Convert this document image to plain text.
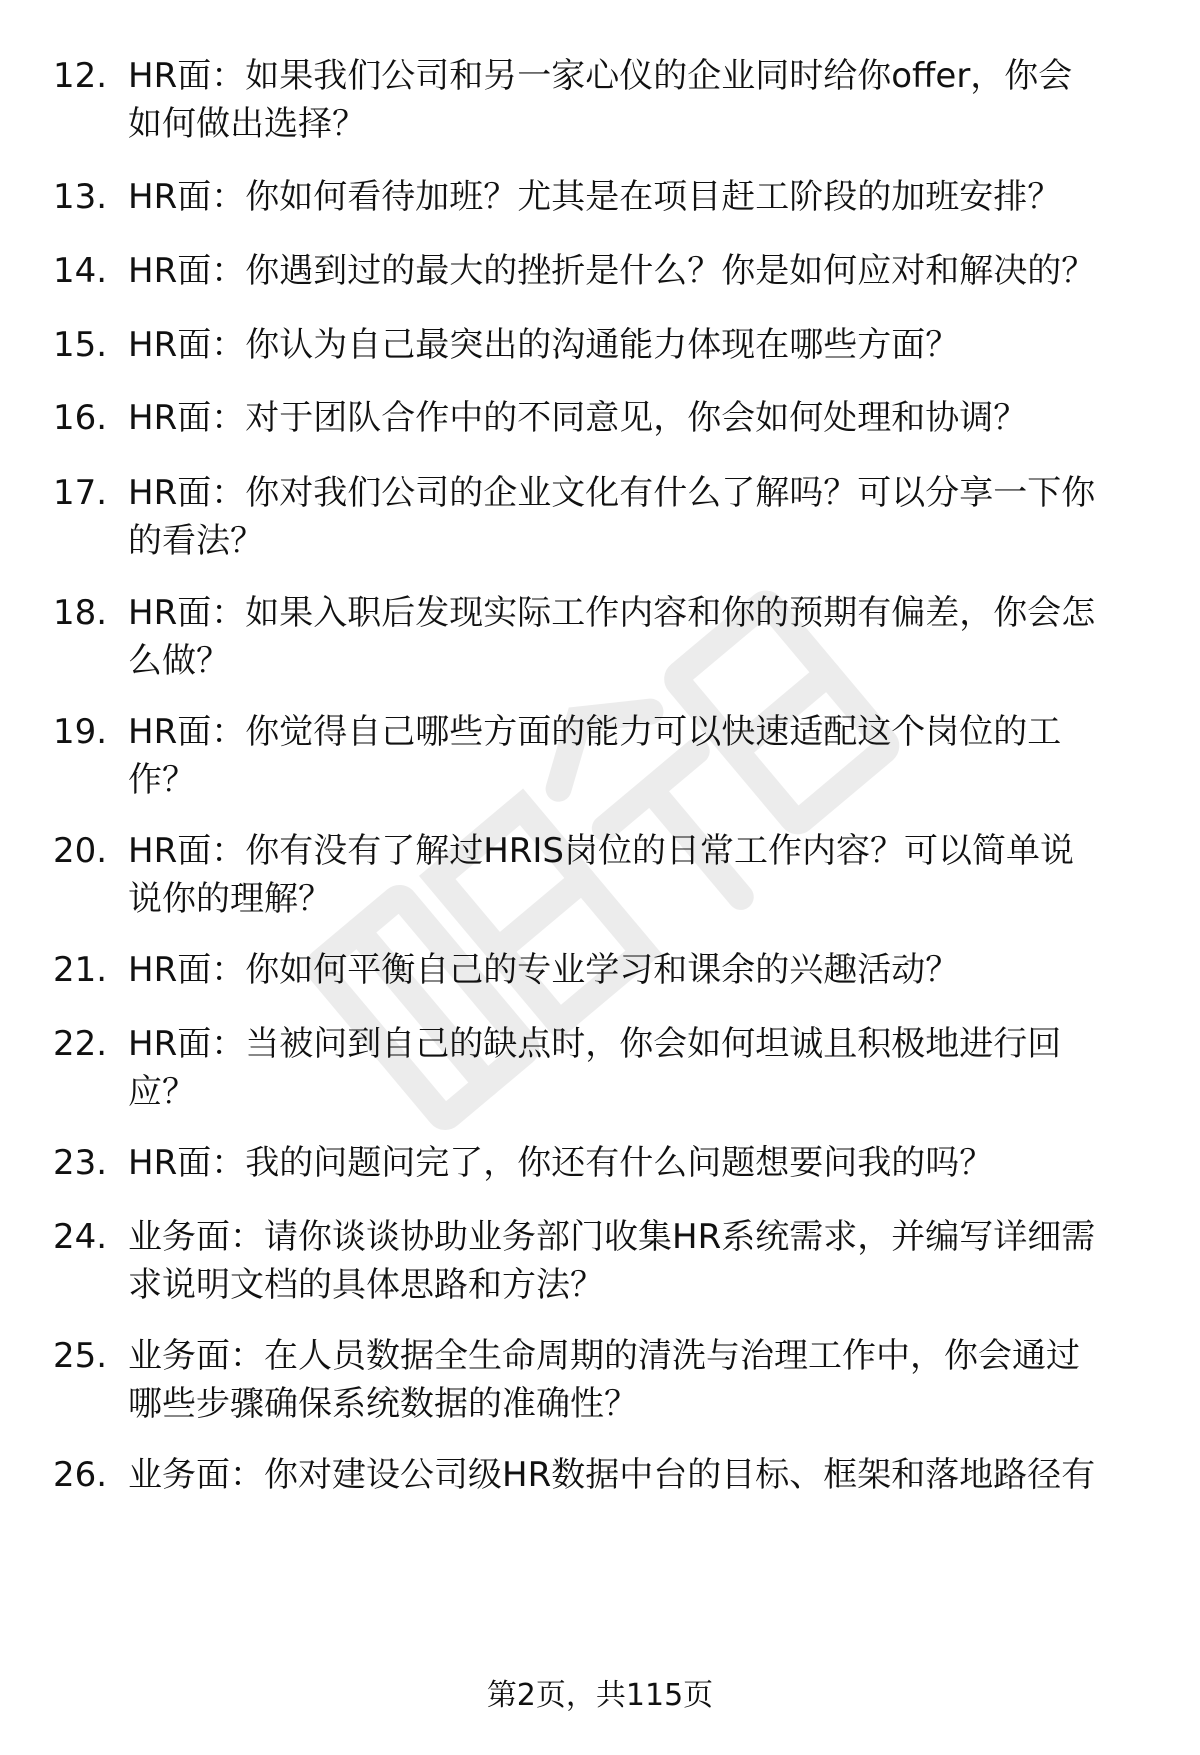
12. HR面：如果我们公司和另一家心仪的企业同时给你offer，你会
如何做出选择？
13. HR面：你如何看待加班？尤其是在项目赶工阶段的加班安排？
14. HR面：你遇到过的最大的挫折是什么？你是如何应对和解决的？
15. HR面：你认为自己最突出的沟通能力体现在哪些方面？
16. HR面：对于团队合作中的不同意见，你会如何处理和协调？
17. HR面：你对我们公司的企业文化有什么了解吗？可以分享一下你
的看法？
18. HR面：如果入职后发现实际工作内容和你的预期有偏差，你会怎
么做？
19. HR面：你觉得自己哪些方面的能力可以快速适配这个岗位的工
作？
20. HR面：你有没有了解过HRIS岗位的日常工作内容？可以简单说
说你的理解？
21. HR面：你如何平衡自己的专业学习和课余的兴趣活动？
22. HR面：当被问到自己的缺点时，你会如何坦诚且积极地进行回
应？
23. HR面：我的问题问完了，你还有什么问题想要问我的吗？
24. 业务面：请你谈谈协助业务部门收集HR系统需求，并编写详细需
求说明文档的具体思路和方法？
25. 业务面：在人员数据全生命周期的清洗与治理工作中，你会通过
哪些步骤确保系统数据的准确性？
26. 业务面：你对建设公司级HR数据中台的目标、框架和落地路径有
第2页，共115页
